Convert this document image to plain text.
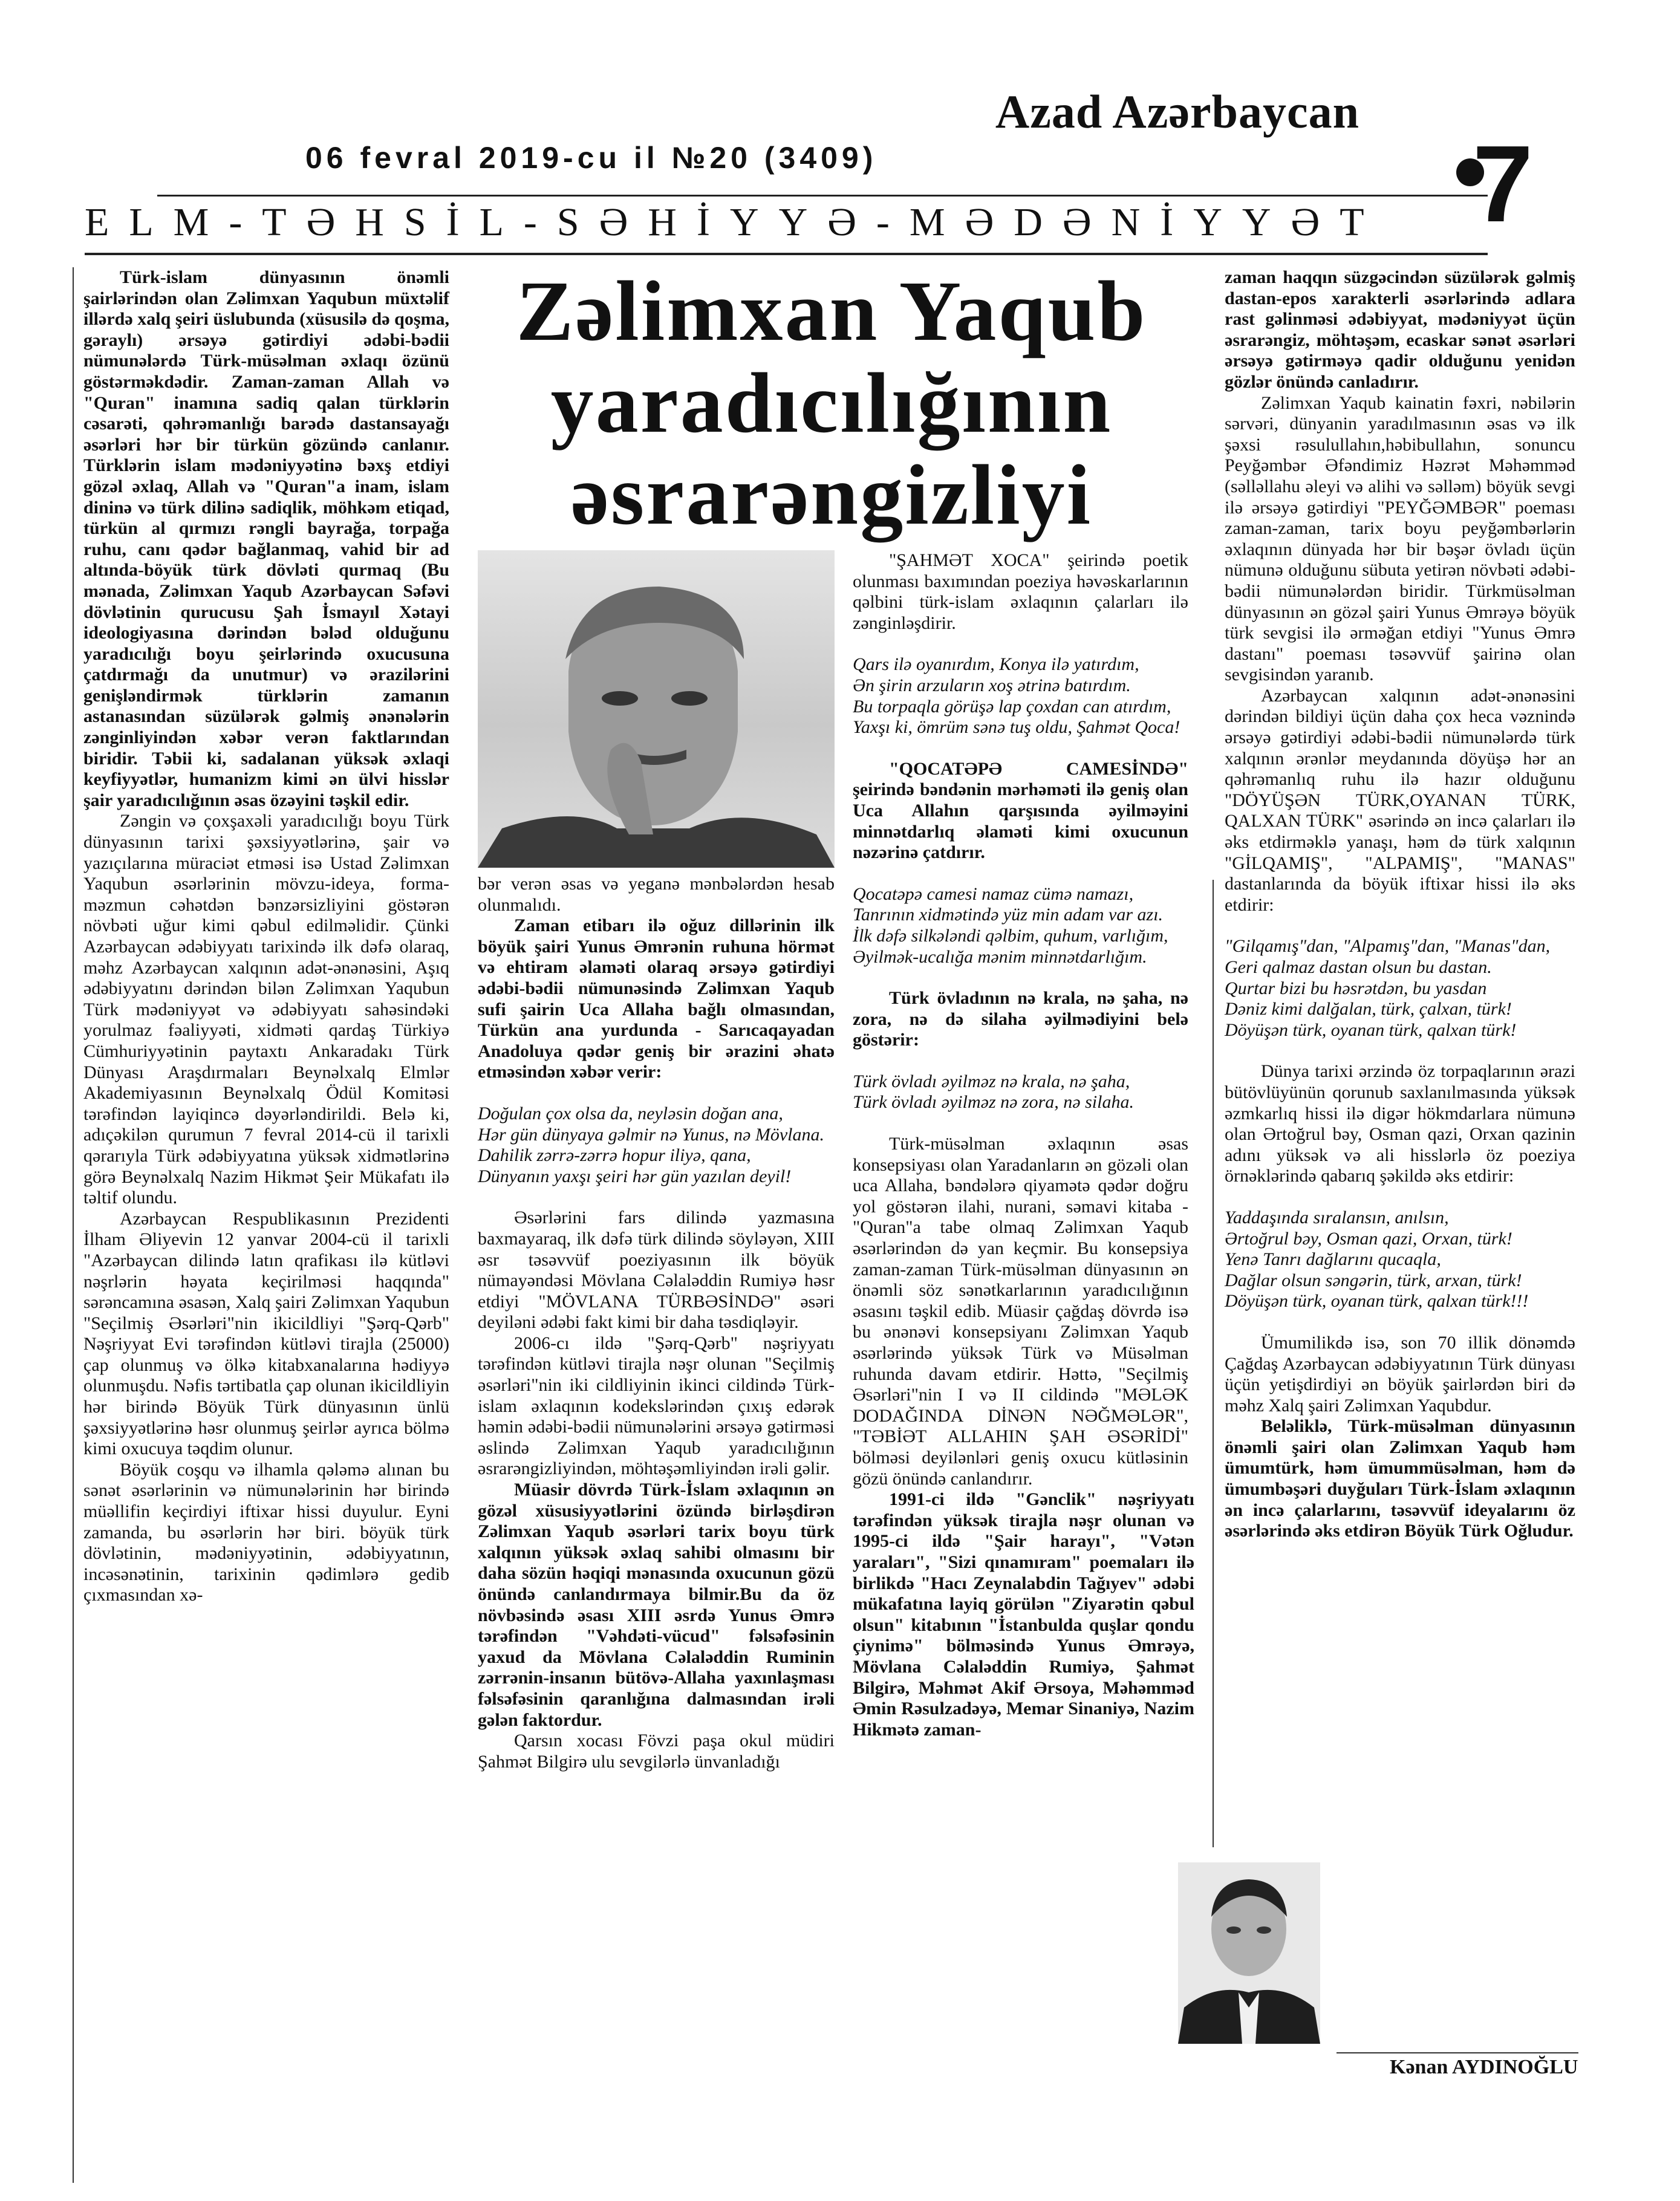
Azad Azərbaycan
06 fevral 2019-cu il №20 (3409)	7
ELM-TƏHSİL-SƏHİYYƏ-MƏDƏNİYYƏT
Zəlimxan Yaqub
yaradıcılığının
əsrarəngizliyi

Türk-islam dünyasının önəmli şairlərindən olan Zəlimxan Yaqubun müxtəlif illərdə xalq şeiri üslubunda (xüsusilə də qoşma, gəraylı) ərsəyə gətirdiyi ədəbi-bədii nümunələrdə Türk-müsəlman əxlaqı özünü göstərməkdədir. Zaman-zaman Allah və "Quran" inamına sadiq qalan türklərin cəsarəti, qəhrəmanlığı barədə dastansayağı əsərləri hər bir türkün gözündə canlanır. Türklərin islam mədəniyyətinə bəxş etdiyi gözəl əxlaq, Allah və "Quran"a inam, islam dininə və türk dilinə sadiqlik, möhkəm etiqad, türkün al qırmızı rəngli bayrağa, torpağa ruhu, canı qədər bağlanmaq, vahid bir ad altında-böyük türk dövləti qurmaq (Bu mənada, Zəlimxan Yaqub Azərbaycan Səfəvi dövlətinin qurucusu Şah İsmayıl Xətayi ideologiyasına dərindən bələd olduğunu yaradıcılığı boyu şeirlərində oxucusuna çatdırmağı da unutmur) və ərazilərini genişləndirmək türklərin zamanın astanasından süzülərək gəlmiş ənənələrin zənginliyindən xəbər verən faktlarından biridir. Təbii ki, sadalanan yüksək əxlaqi keyfiyyətlər, humanizm kimi ən ülvi hisslər şair yaradıcılığının əsas özəyini təşkil edir.

Zəngin və çoxşaxəli yaradıcılığı boyu Türk dünyasının tarixi şəxsiyyətlərinə, şair və yazıçılarına müraciət etməsi isə Ustad Zəlimxan Yaqubun əsərlərinin mövzu-ideya, forma-məzmun cəhətdən bənzərsizliyini göstərən növbəti uğur kimi qəbul edilməlidir. Çünki Azərbaycan ədəbiyyatı tarixində ilk dəfə olaraq, məhz Azərbaycan xalqının adət-ənənəsini, Aşıq ədəbiyyatını dərindən bilən Zəlimxan Yaqubun Türk mədəniyyət və ədəbiyyatı sahəsindəki yorulmaz fəaliyyəti, xidməti qardaş Türkiyə Cümhuriyyətinin paytaxtı Ankaradakı Türk Dünyası Araşdırmaları Beynəlxalq Elmlər Akademiyasının Beynəlxalq Ödül Komitəsi tərəfindən layiqincə dəyərləndirildi. Belə ki, adıçəkilən qurumun 7 fevral 2014-cü il tarixli qərarıyla Türk ədəbiyyatına yüksək xidmətlərinə görə Beynəlxalq Nazim Hikmət Şeir Mükafatı ilə təltif olundu.

Azərbaycan Respublikasının Prezidenti İlham Əliyevin 12 yanvar 2004-cü il tarixli "Azərbaycan dilində latın qrafikası ilə kütləvi nəşrlərin həyata keçirilməsi haqqında" sərəncamına əsasən, Xalq şairi Zəlimxan Yaqubun "Seçilmiş Əsərləri"nin ikicildliyi "Şərq-Qərb" Nəşriyyat Evi tərəfindən kütləvi tirajla (25000) çap olunmuş və ölkə kitabxanalarına hədiyyə olunmuşdu. Nəfis tərtibatla çap olunan ikicildliyin hər birində Böyük Türk dünyasının ünlü şəxsiyyətlərinə həsr olunmuş şeirlər ayrıca bölmə kimi oxucuya təqdim olunur.

Böyük coşqu və ilhamla qələmə alınan bu sənət əsərlərinin və nümunələrinin hər birində müəllifin keçirdiyi iftixar hissi duyulur. Eyni zamanda, bu əsərlərin hər biri. böyük türk dövlətinin, mədəniyyətinin, ədəbiyyatının, incəsənətinin, tarixinin qədimlərə gedib çıxmasından xə-

bər verən əsas və yeganə mənbələrdən hesab olunmalıdı.

Zaman etibarı ilə oğuz dillərinin ilk böyük şairi Yunus Əmrənin ruhuna hörmət və ehtiram əlaməti olaraq ərsəyə gətirdiyi ədəbi-bədii nümunəsində Zəlimxan Yaqub sufi şairin Uca Allaha bağlı olmasından, Türkün ana yurdunda - Sarıcaqayadan Anadoluya qədər geniş bir ərazini əhatə etməsindən xəbər verir:

Doğulan çox olsa da, neyləsin doğan ana,

Hər gün dünyaya gəlmir nə Yunus, nə Mövlana.

Dahilik zərrə-zərrə hopur iliyə, qana,

Dünyanın yaxşı şeiri hər gün yazılan deyil!

Əsərlərini fars dilində yazmasına baxmayaraq, ilk dəfə türk dilində söyləyən, XIII əsr təsəvvüf poeziyasının ilk böyük nümayəndəsi Mövlana Cəlaləddin Rumiyə həsr etdiyi "MÖVLANA TÜRBƏSİNDƏ" əsəri deyiləni ədəbi fakt kimi bir daha təsdiqləyir.

2006-cı ildə "Şərq-Qərb" nəşriyyatı tərəfindən kütləvi tirajla nəşr olunan "Seçilmiş əsərləri"nin iki cildliyinin ikinci cildində Türk-islam əxlaqının kodekslərindən çıxış edərək həmin ədəbi-bədii nümunələrini ərsəyə gətirməsi əslində Zəlimxan Yaqub yaradıcılığının əsrarəngizliyindən, möhtəşəmliyindən irəli gəlir.

Müasir dövrdə Türk-İslam əxlaqının ən gözəl xüsusiyyətlərini özündə birləşdirən Zəlimxan Yaqub əsərləri tarix boyu türk xalqının yüksək əxlaq sahibi olmasını bir daha sözün həqiqi mənasında oxucunun gözü önündə canlandırmaya bilmir.Bu da öz növbəsində əsası XIII əsrdə Yunus Əmrə tərəfindən "Vəhdəti-vücud" fəlsəfəsinin yaxud da Mövlana Cəlaləddin Ruminin zərrənin-insanın bütövə-Allaha yaxınlaşması fəlsəfəsinin qaranlığına dalmasından irəli gələn faktordur.

Qarsın xocası Fövzi paşa okul müdiri Şahmət Bilgirə ulu sevgilərlə ünvanladığı

"ŞAHMƏT XOCA" şeirində poetik olunması baxımından poeziya həvəskarlarının qəlbini türk-islam əxlaqının çalarları ilə zənginləşdirir.

Qars ilə oyanırdım, Konya ilə yatırdım,

Ən şirin arzuların xoş ətrinə batırdım.

Bu torpaqla görüşə lap çoxdan can atırdım,

Yaxşı ki, ömrüm sənə tuş oldu, Şahmət Qoca!

"QOCATƏPƏ CAMESİNDƏ" şeirində bəndənin mərhəməti ilə geniş olan Uca Allahın qarşısında əyilməyini minnətdarlıq əlaməti kimi oxucunun nəzərinə çatdırır.

Qocatəpə camesi namaz cümə namazı,

Tanrının xidmətində yüz min adam var azı.

İlk dəfə silkələndi qəlbim, quhum, varlığım,

Əyilmək-ucalığa mənim minnətdarlığım.

Türk övladının nə krala, nə şaha, nə zora, nə də silaha əyilmədiyini belə göstərir:

Türk övladı əyilməz nə krala, nə şaha,

Türk övladı əyilməz nə zora, nə silaha.

Türk-müsəlman əxlaqının əsas konsepsiyası olan Yaradanların ən gözəli olan uca Allaha, bəndələrə qiyamətə qədər doğru yol göstərən ilahi, nurani, səmavi kitaba - "Quran"a tabe olmaq Zəlimxan Yaqub əsərlərindən də yan keçmir. Bu konsepsiya zaman-zaman Türk-müsəlman dünyasının ən önəmli söz sənətkarlarının yaradıcılığının əsasını təşkil edib. Müasir çağdaş dövrdə isə bu ənənəvi konsepsiyanı Zəlimxan Yaqub əsərlərində yüksək Türk və Müsəlman ruhunda davam etdirir. Həttə, "Seçilmiş Əsərləri"nin I və II cildində "MƏLƏK DODAĞINDA DİNƏN NƏĞMƏLƏR", "TƏBİƏT ALLAHIN ŞAH ƏSƏRİDİ" bölməsi deyilənləri geniş oxucu kütləsinin gözü önündə canlandırır.

1991-ci ildə "Gənclik" nəşriyyatı tərəfindən yüksək tirajla nəşr olunan və 1995-ci ildə "Şair harayı", "Vətən yaraları", "Sizi qınamıram" poemaları ilə birlikdə "Hacı Zeynalabdin Tağıyev" ədəbi mükafatına layiq görülən "Ziyarətin qəbul olsun" kitabının "İstanbulda quşlar qondu çiynimə" bölməsində Yunus Əmrəyə, Mövlana Cəlaləddin Rumiyə, Şahmət Bilgirə, Məhmət Akif Ərsoya, Məhəmməd Əmin Rəsulzadəyə, Memar Sinaniyə, Nazim Hikmətə zaman-

zaman haqqın süzgəcindən süzülərək gəlmiş dastan-epos xarakterli əsərlərində adlara rast gəlinməsi ədəbiyyat, mədəniyyət üçün əsrarəngiz, möhtəşəm, ecaskar sənət əsərləri ərsəyə gətirməyə qadir olduğunu yenidən gözlər önündə canladırır.

Zəlimxan Yaqub kainatin fəxri, nəbilərin sərvəri, dünyanin yaradılmasının əsas və ilk şəxsi rəsulullahın,həbibullahın, sonuncu Peyğəmbər Əfəndimiz Həzrət Məhəmməd (səlləllahu əleyi və alihi və səlləm) böyük sevgi ilə ərsəyə gətirdiyi "PEYĞƏMBƏR" poeması zaman-zaman, tarix boyu peyğəmbərlərin əxlaqının dünyada hər bir bəşər övladı üçün nümunə olduğunu sübuta yetirən növbəti ədəbi-bədii nümunələrdən biridir. Türkmüsəlman dünyasının ən gözəl şairi Yunus Əmrəyə böyük türk sevgisi ilə ərməğan etdiyi "Yunus Əmrə dastanı" poeması təsəvvüf şairinə olan sevgisindən yaranıb.

Azərbaycan xalqının adət-ənənəsini dərindən bildiyi üçün daha çox heca vəznində ərsəyə gətirdiyi ədəbi-bədii nümunələrdə türk xalqının ərənlər meydanında döyüşə hər an qəhrəmanlıq ruhu ilə hazır olduğunu "DÖYÜŞƏN TÜRK,OYANAN TÜRK, QALXAN TÜRK" əsərində ən incə çalarları ilə əks etdirməklə yanaşı, həm də türk xalqının "GİLQAMIŞ", "ALPAMIŞ", "MANAS" dastanlarında da böyük iftixar hissi ilə əks etdirir:

"Gilqamış"dan, "Alpamış"dan, "Manas"dan,

Geri qalmaz dastan olsun bu dastan.

Qurtar bizi bu həsrətdən, bu yasdan

Dəniz kimi dalğalan, türk, çalxan, türk!

Döyüşən türk, oyanan türk, qalxan türk!

Dünya tarixi ərzində öz torpaqlarının ərazi bütövlüyünün qorunub saxlanılmasında yüksək əzmkarlıq hissi ilə digər hökmdarlara nümunə olan Ərtoğrul bəy, Osman qazi, Orxan qazinin adını yüksək və ali hisslərlə öz poeziya örnəklərində qabarıq şəkildə əks etdirir:

Yaddaşında sıralansın, anılsın,

Ərtoğrul bəy, Osman qazi, Orxan, türk!

Yenə Tanrı dağlarını qucaqla,

Dağlar olsun səngərin, türk, arxan, türk!

Döyüşən türk, oyanan türk, qalxan türk!!!

Ümumilikdə isə, son 70 illik dönəmdə Çağdaş Azərbaycan ədəbiyyatının Türk dünyası üçün yetişdirdiyi ən böyük şairlərdən biri də məhz Xalq şairi Zəlimxan Yaqubdur.

Beləliklə, Türk-müsəlman dünyasının önəmli şairi olan Zəlimxan Yaqub həm ümumtürk, həm ümummüsəlman, həm də ümumbəşəri duyğuları Türk-İslam əxlaqının ən incə çalarlarını, təsəvvüf ideyalarını öz əsərlərində əks etdirən Böyük Türk Oğludur.

Kənan AYDINOĞLU
